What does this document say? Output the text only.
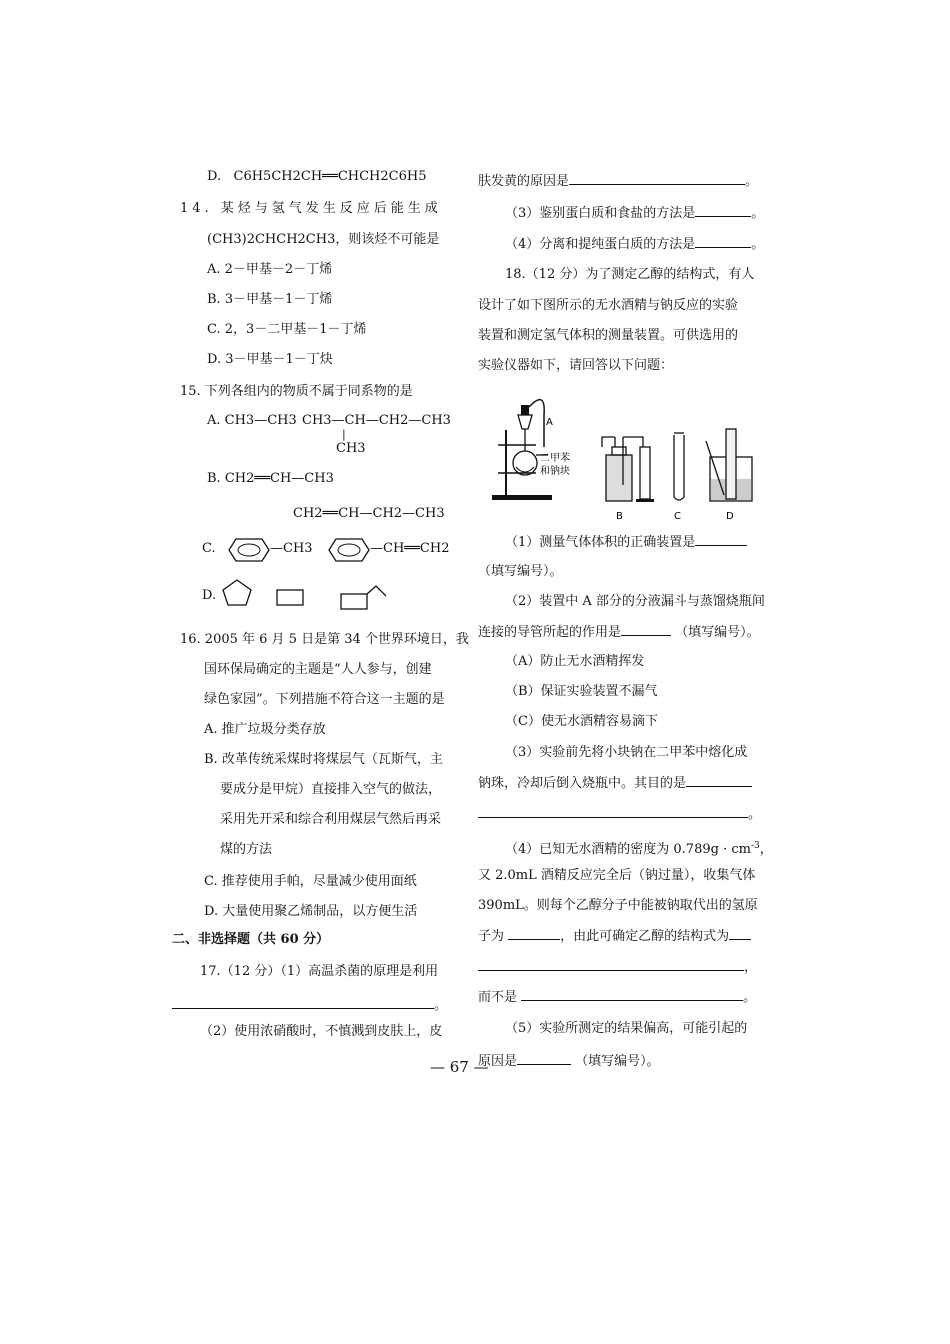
D. C6H5CH2CH══CHCH2C6H5
14. 某烃与氢气发生反应后能生成
(CH3)2CHCH2CH3，则该烃不可能是
A. 2－甲基－2－丁烯
B. 3－甲基－1－丁烯
C. 2，3－二甲基－1－丁烯
D. 3－甲基－1－丁炔
15. 下列各组内的物质不属于同系物的是
A. CH3—CH3 CH3—CH—CH2—CH3
|
CH3
B. CH2══CH—CH3
CH2══CH—CH2—CH3
C.	—CH3	—CH══CH2
D.
16. 2005 年 6 月 5 日是第 34 个世界环境日，我
国环保局确定的主题是“人人参与，创建
绿色家园”。下列措施不符合这一主题的是
A. 推广垃圾分类存放
B. 改革传统采煤时将煤层气（瓦斯气，主
要成分是甲烷）直接排入空气的做法，
采用先开采和综合利用煤层气然后再采
煤的方法
C. 推荐使用手帕，尽量减少使用面纸
D. 大量使用聚乙烯制品，以方便生活
二、非选择题（共 60 分）
17.（12 分）（1）高温杀菌的原理是利用
。
（2）使用浓硝酸时，不慎溅到皮肤上，皮
肤发黄的原因是	。
（3）鉴别蛋白质和食盐的方法是	。
（4）分离和提纯蛋白质的方法是	。
18.（12 分）为了测定乙醇的结构式，有人
设计了如下图所示的无水酒精与钠反应的实验
装置和测定氢气体积的测量装置。可供选用的
实验仪器如下，请回答以下问题：
A
二甲苯
和钠块
B	C	D
（1）测量气体体积的正确装置是
（填写编号）。
（2）装置中 A 部分的分液漏斗与蒸馏烧瓶间
连接的导管所起的作用是	（填写编号）。
（A）防止无水酒精挥发
（B）保证实验装置不漏气
（C）使无水酒精容易滴下
（3）实验前先将小块钠在二甲苯中熔化成
钠珠，冷却后倒入烧瓶中。其目的是
。
（4）已知无水酒精的密度为 $0.789g \cdot cm^{-3}$，
又 2.0mL 酒精反应完全后（钠过量），收集气体
390mL。则每个乙醇分子中能被钠取代出的氢原
子为	，由此可确定乙醇的结构式为
，
而不是	。
（5）实验所测定的结果偏高，可能引起的
原因是	（填写编号）。
— 67 —
